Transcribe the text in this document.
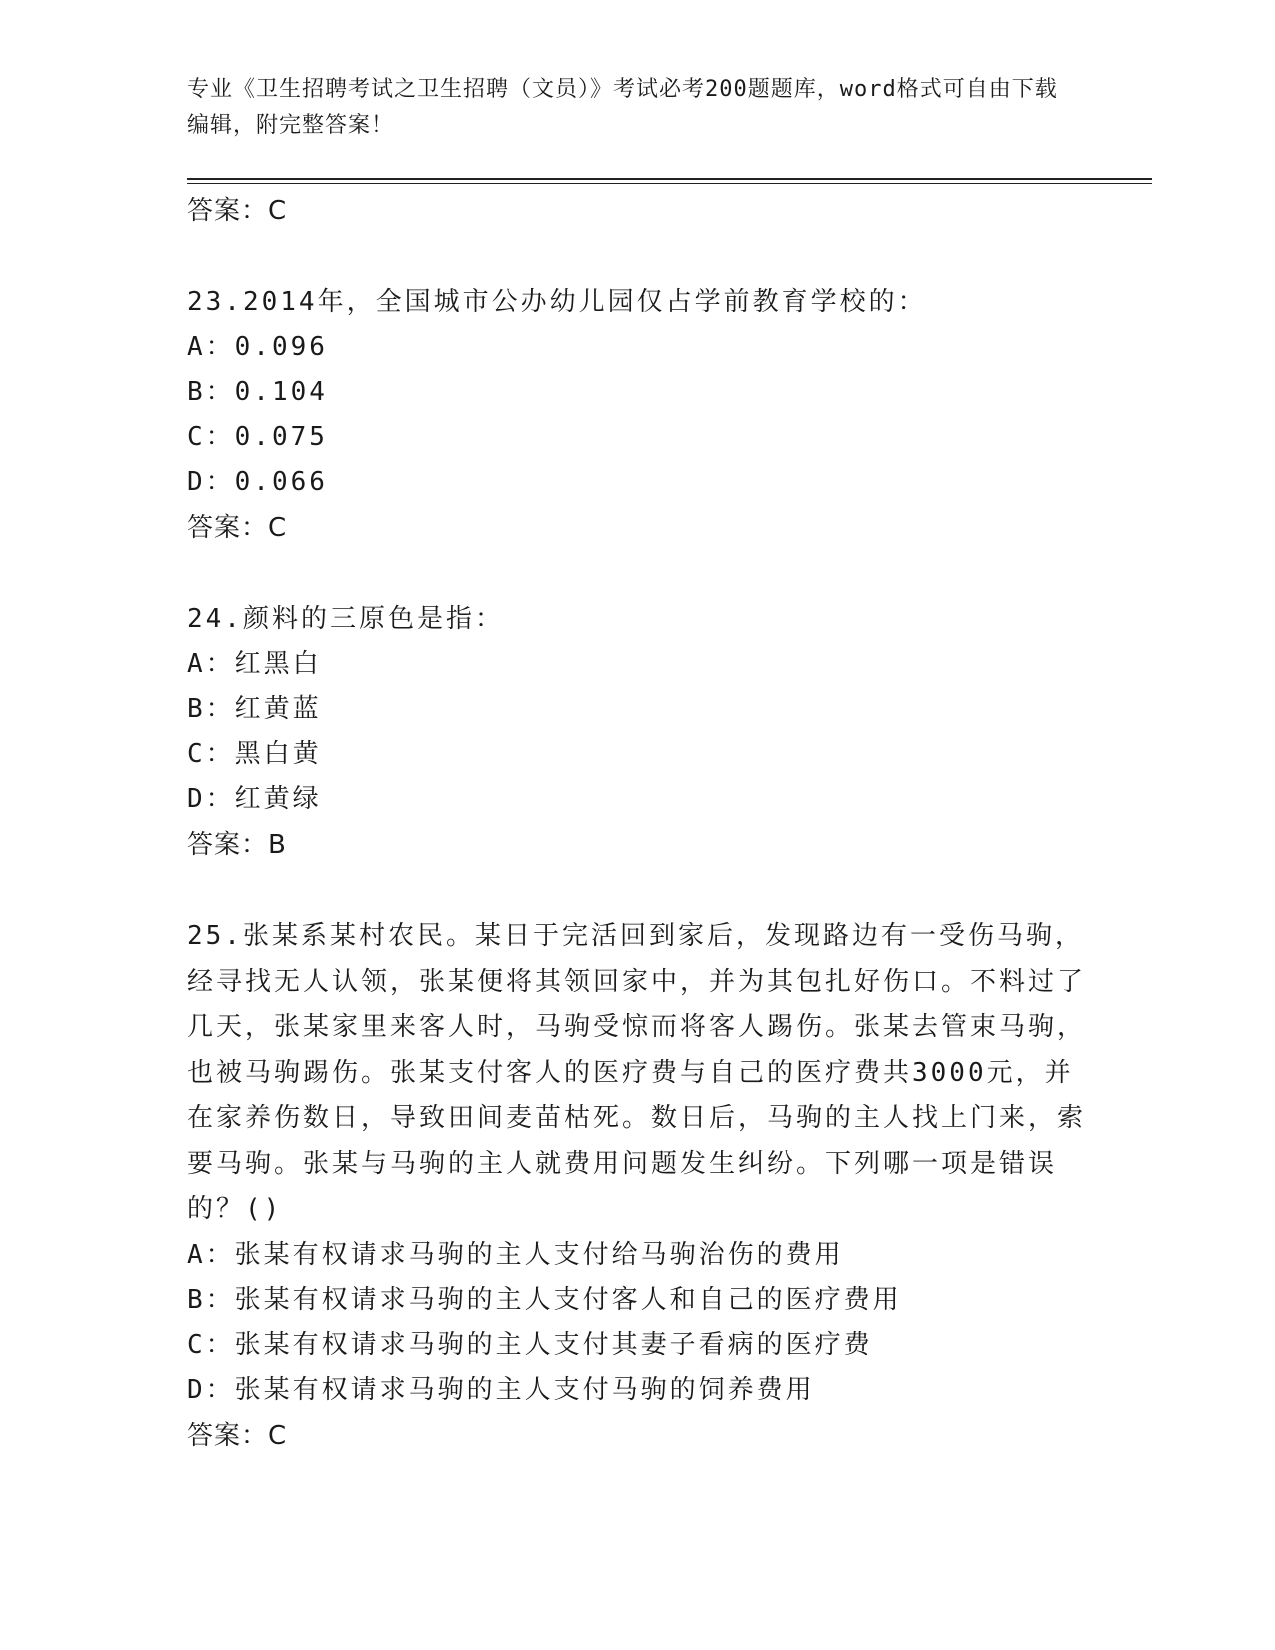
专业《卫生招聘考试之卫生招聘（文员）》考试必考200题题库，word格式可自由下载编辑，附完整答案！
答案：C
23.2014年，全国城市公办幼儿园仅占学前教育学校的：
A：0.096
B：0.104
C：0.075
D：0.066
答案：C
24.颜料的三原色是指：
A：红黑白
B：红黄蓝
C：黑白黄
D：红黄绿
答案：B
25.张某系某村农民。某日于完活回到家后，发现路边有一受伤马驹，经寻找无人认领，张某便将其领回家中，并为其包扎好伤口。不料过了几天，张某家里来客人时，马驹受惊而将客人踢伤。张某去管束马驹，也被马驹踢伤。张某支付客人的医疗费与自己的医疗费共3000元，并在家养伤数日，导致田间麦苗枯死。数日后，马驹的主人找上门来，索要马驹。张某与马驹的主人就费用问题发生纠纷。下列哪一项是错误的？()
A：张某有权请求马驹的主人支付给马驹治伤的费用
B：张某有权请求马驹的主人支付客人和自己的医疗费用
C：张某有权请求马驹的主人支付其妻子看病的医疗费
D：张某有权请求马驹的主人支付马驹的饲养费用
答案：C
